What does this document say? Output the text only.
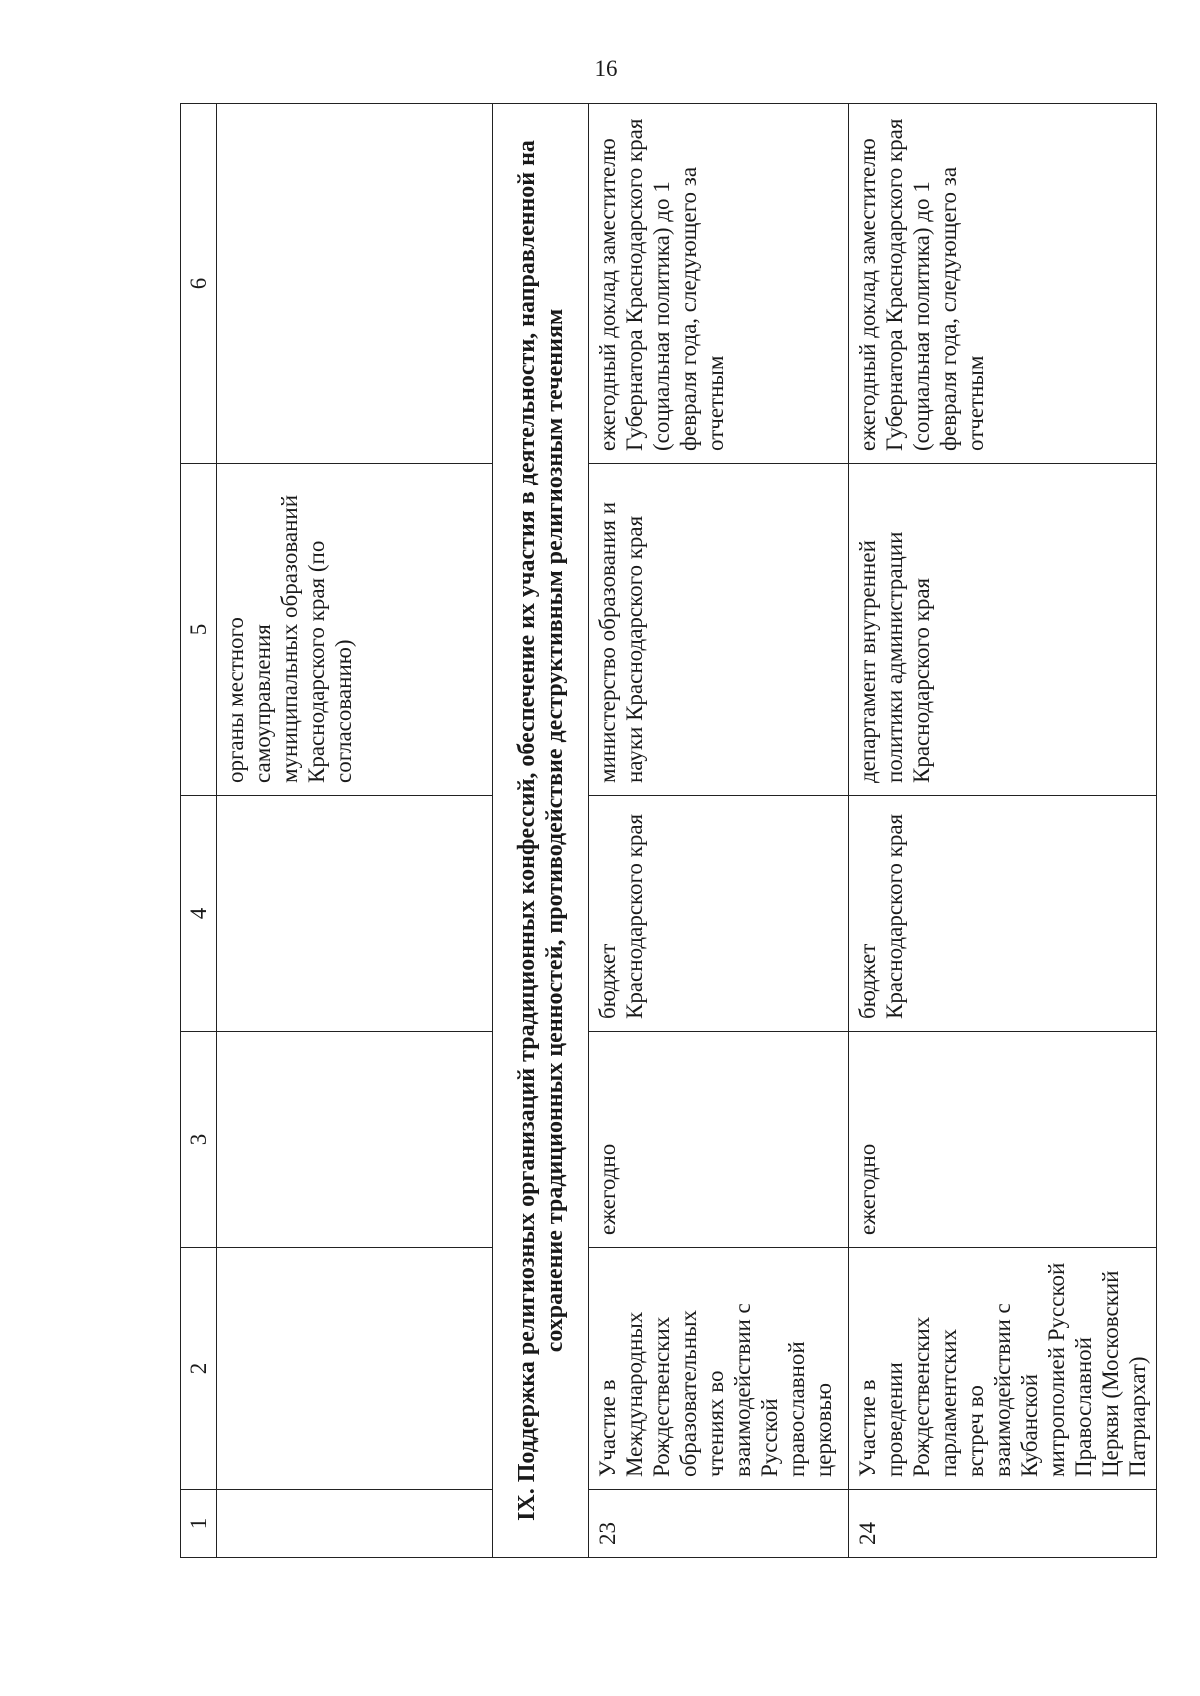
16
1	2	3	4	5	6
				органы местного самоуправления муниципальных образований Краснодарского края (по согласованию)	
IX. Поддержка религиозных организаций традиционных конфессий, обеспечение их участия в деятельности, направленной на сохранение традиционных ценностей, противодействие деструктивным религиозным течениям					
23	Участие в Международных Рождественских образовательных чтениях во взаимодействии с Русской православной церковью	ежегодно	бюджет Краснодарского края	министерство образования и науки Краснодарского края	ежегодный доклад заместителю Губернатора Краснодарского края (социальная политика) до 1 февраля года, следующего за отчетным
24	Участие в проведении Рождественских парламентских встреч во взаимодействии с Кубанской митрополией Русской Православной Церкви (Московский Патриархат)	ежегодно	бюджет Краснодарского края	департамент внутренней политики администрации Краснодарского края	ежегодный доклад заместителю Губернатора Краснодарского края (социальная политика) до 1 февраля года, следующего за отчетным
